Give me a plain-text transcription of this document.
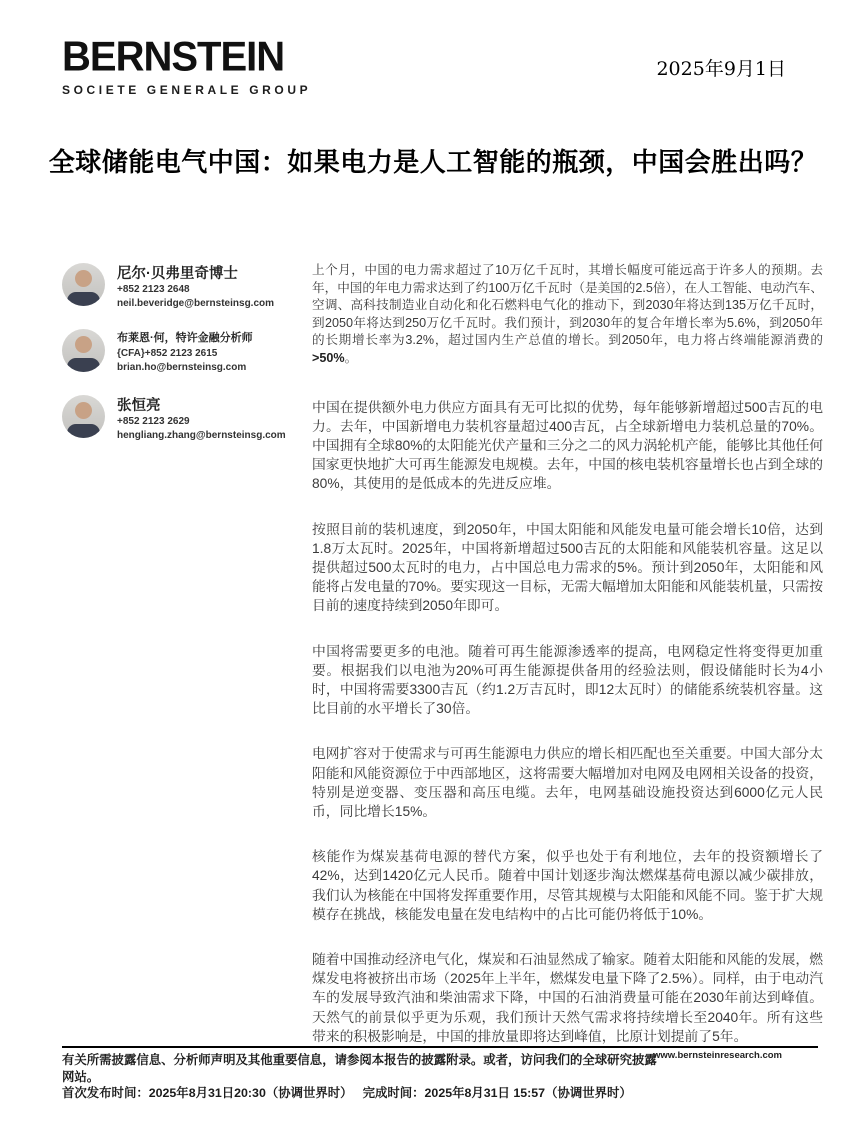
BERNSTEIN
SOCIETE GENERALE GROUP
2025年9月1日
全球储能电气中国：如果电力是人工智能的瓶颈，中国会胜出吗？
尼尔·贝弗里奇博士
+852 2123 2648
neil.beveridge@bernsteinsg.com
布莱恩·何，特许金融分析师
{CFA}+852 2123 2615
brian.ho@bernsteinsg.com
张恒亮
+852 2123 2629
hengliang.zhang@bernsteinsg.com

上个月，中国的电力需求超过了10万亿千瓦时，其增长幅度可能远高于许多人的预期。去年，中国的年电力需求达到了约100万亿千瓦时（是美国的2.5倍），在人工智能、电动汽车、空调、高科技制造业自动化和化石燃料电气化的推动下，到2030年将达到135万亿千瓦时，到2050年将达到250万亿千瓦时。我们预计，到2030年的复合年增长率为5.6%，到2050年的长期增长率为3.2%，超过国内生产总值的增长。到2050年，电力将占终端能源消费的>50%。

中国在提供额外电力供应方面具有无可比拟的优势，每年能够新增超过500吉瓦的电力。去年，中国新增电力装机容量超过400吉瓦，占全球新增电力装机总量的70%。中国拥有全球80%的太阳能光伏产量和三分之二的风力涡轮机产能，能够比其他任何国家更快地扩大可再生能源发电规模。去年，中国的核电装机容量增长也占到全球的80%，其使用的是低成本的先进反应堆。

按照目前的装机速度，到2050年，中国太阳能和风能发电量可能会增长10倍，达到1.8万太瓦时。2025年，中国将新增超过500吉瓦的太阳能和风能装机容量。这足以提供超过500太瓦时的电力，占中国总电力需求的5%。预计到2050年，太阳能和风能将占发电量的70%。要实现这一目标，无需大幅增加太阳能和风能装机量，只需按目前的速度持续到2050年即可。

中国将需要更多的电池。随着可再生能源渗透率的提高，电网稳定性将变得更加重要。根据我们以电池为20%可再生能源提供备用的经验法则，假设储能时长为4小时，中国将需要3300吉瓦（约1.2万吉瓦时，即12太瓦时）的储能系统装机容量。这比目前的水平增长了30倍。

电网扩容对于使需求与可再生能源电力供应的增长相匹配也至关重要。中国大部分太阳能和风能资源位于中西部地区，这将需要大幅增加对电网及电网相关设备的投资，特别是逆变器、变压器和高压电缆。去年，电网基础设施投资达到6000亿元人民币，同比增长15%。

核能作为煤炭基荷电源的替代方案，似乎也处于有利地位，去年的投资额增长了42%，达到1420亿元人民币。随着中国计划逐步淘汰燃煤基荷电源以减少碳排放，我们认为核能在中国将发挥重要作用，尽管其规模与太阳能和风能不同。鉴于扩大规模存在挑战，核能发电量在发电结构中的占比可能仍将低于10%。

随着中国推动经济电气化，煤炭和石油显然成了输家。随着太阳能和风能的发展，燃煤发电将被挤出市场（2025年上半年，燃煤发电量下降了2.5%）。同样，由于电动汽车的发展导致汽油和柴油需求下降，中国的石油消费量可能在2030年前达到峰值。天然气的前景似乎更为乐观，我们预计天然气需求将持续增长至2040年。所有这些带来的积极影响是，中国的排放量即将达到峰值，比原计划提前了5年。

有关所需披露信息、分析师声明及其他重要信息，请参阅本报告的披露附录。或者，访问我们的全球研究披露网站。
www.bernsteinresearch.com
首次发布时间：2025年8月31日20:30（协调世界时） 完成时间：2025年8月31日 15:57（协调世界时）
